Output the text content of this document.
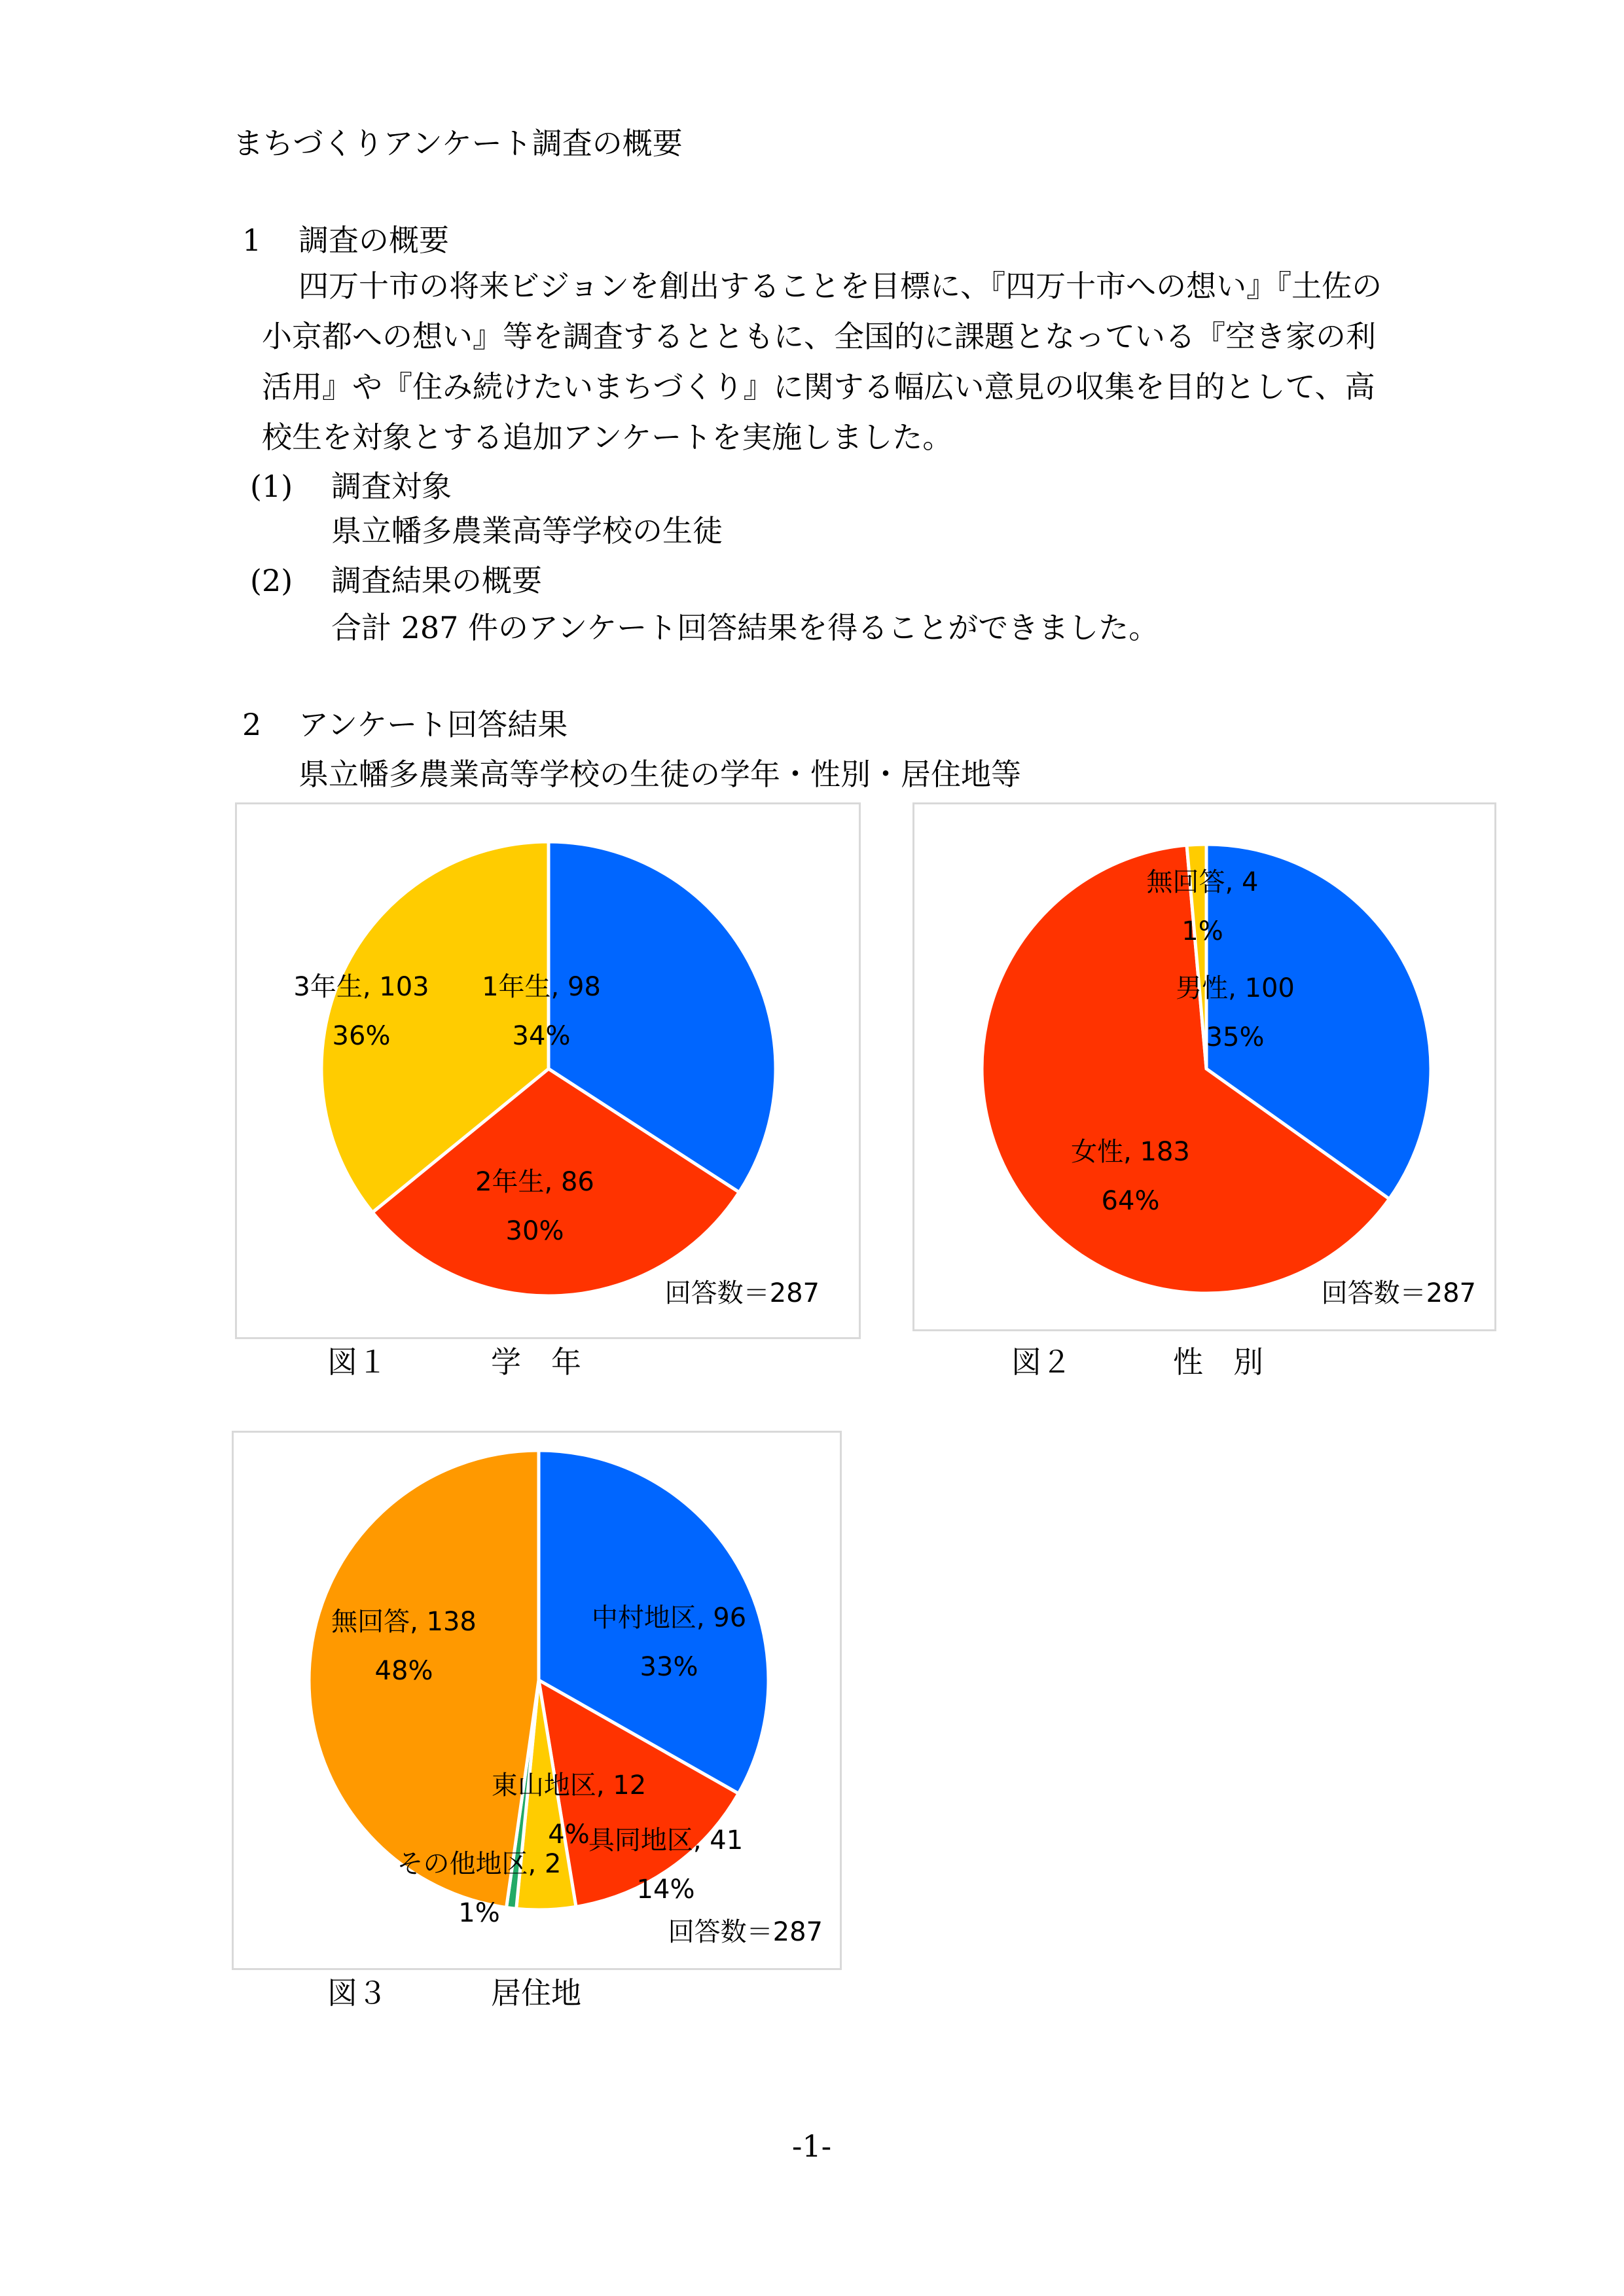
まちづくりアンケート調査の概要
1 調査の概要
四万十市の将来ビジョンを創出することを目標に、『四万十市への想い』『土佐の
小京都への想い』等を調査するとともに、全国的に課題となっている『空き家の利
活用』や『住み続けたいまちづくり』に関する幅広い意見の収集を目的として、高
校生を対象とする追加アンケートを実施しました。
(1) 調査対象
県立幡多農業高等学校の生徒
(2) 調査結果の概要
合計 287 件のアンケート回答結果を得ることができました。
2 アンケート回答結果
県立幡多農業高等学校の生徒の学年・性別・居住地等
1年生, 98
34%
2年生, 86
30%
3年生, 103
36%
回答数＝287
図１	学　年
男性, 100
35%
女性, 183
64%
無回答, 4
1%
回答数＝287
図２	性　別
中村地区, 96
33%
具同地区, 41
14%
東山地区, 12
4%
その他地区, 2
1%
無回答, 138
48%
回答数＝287
図３	居住地
-1-
